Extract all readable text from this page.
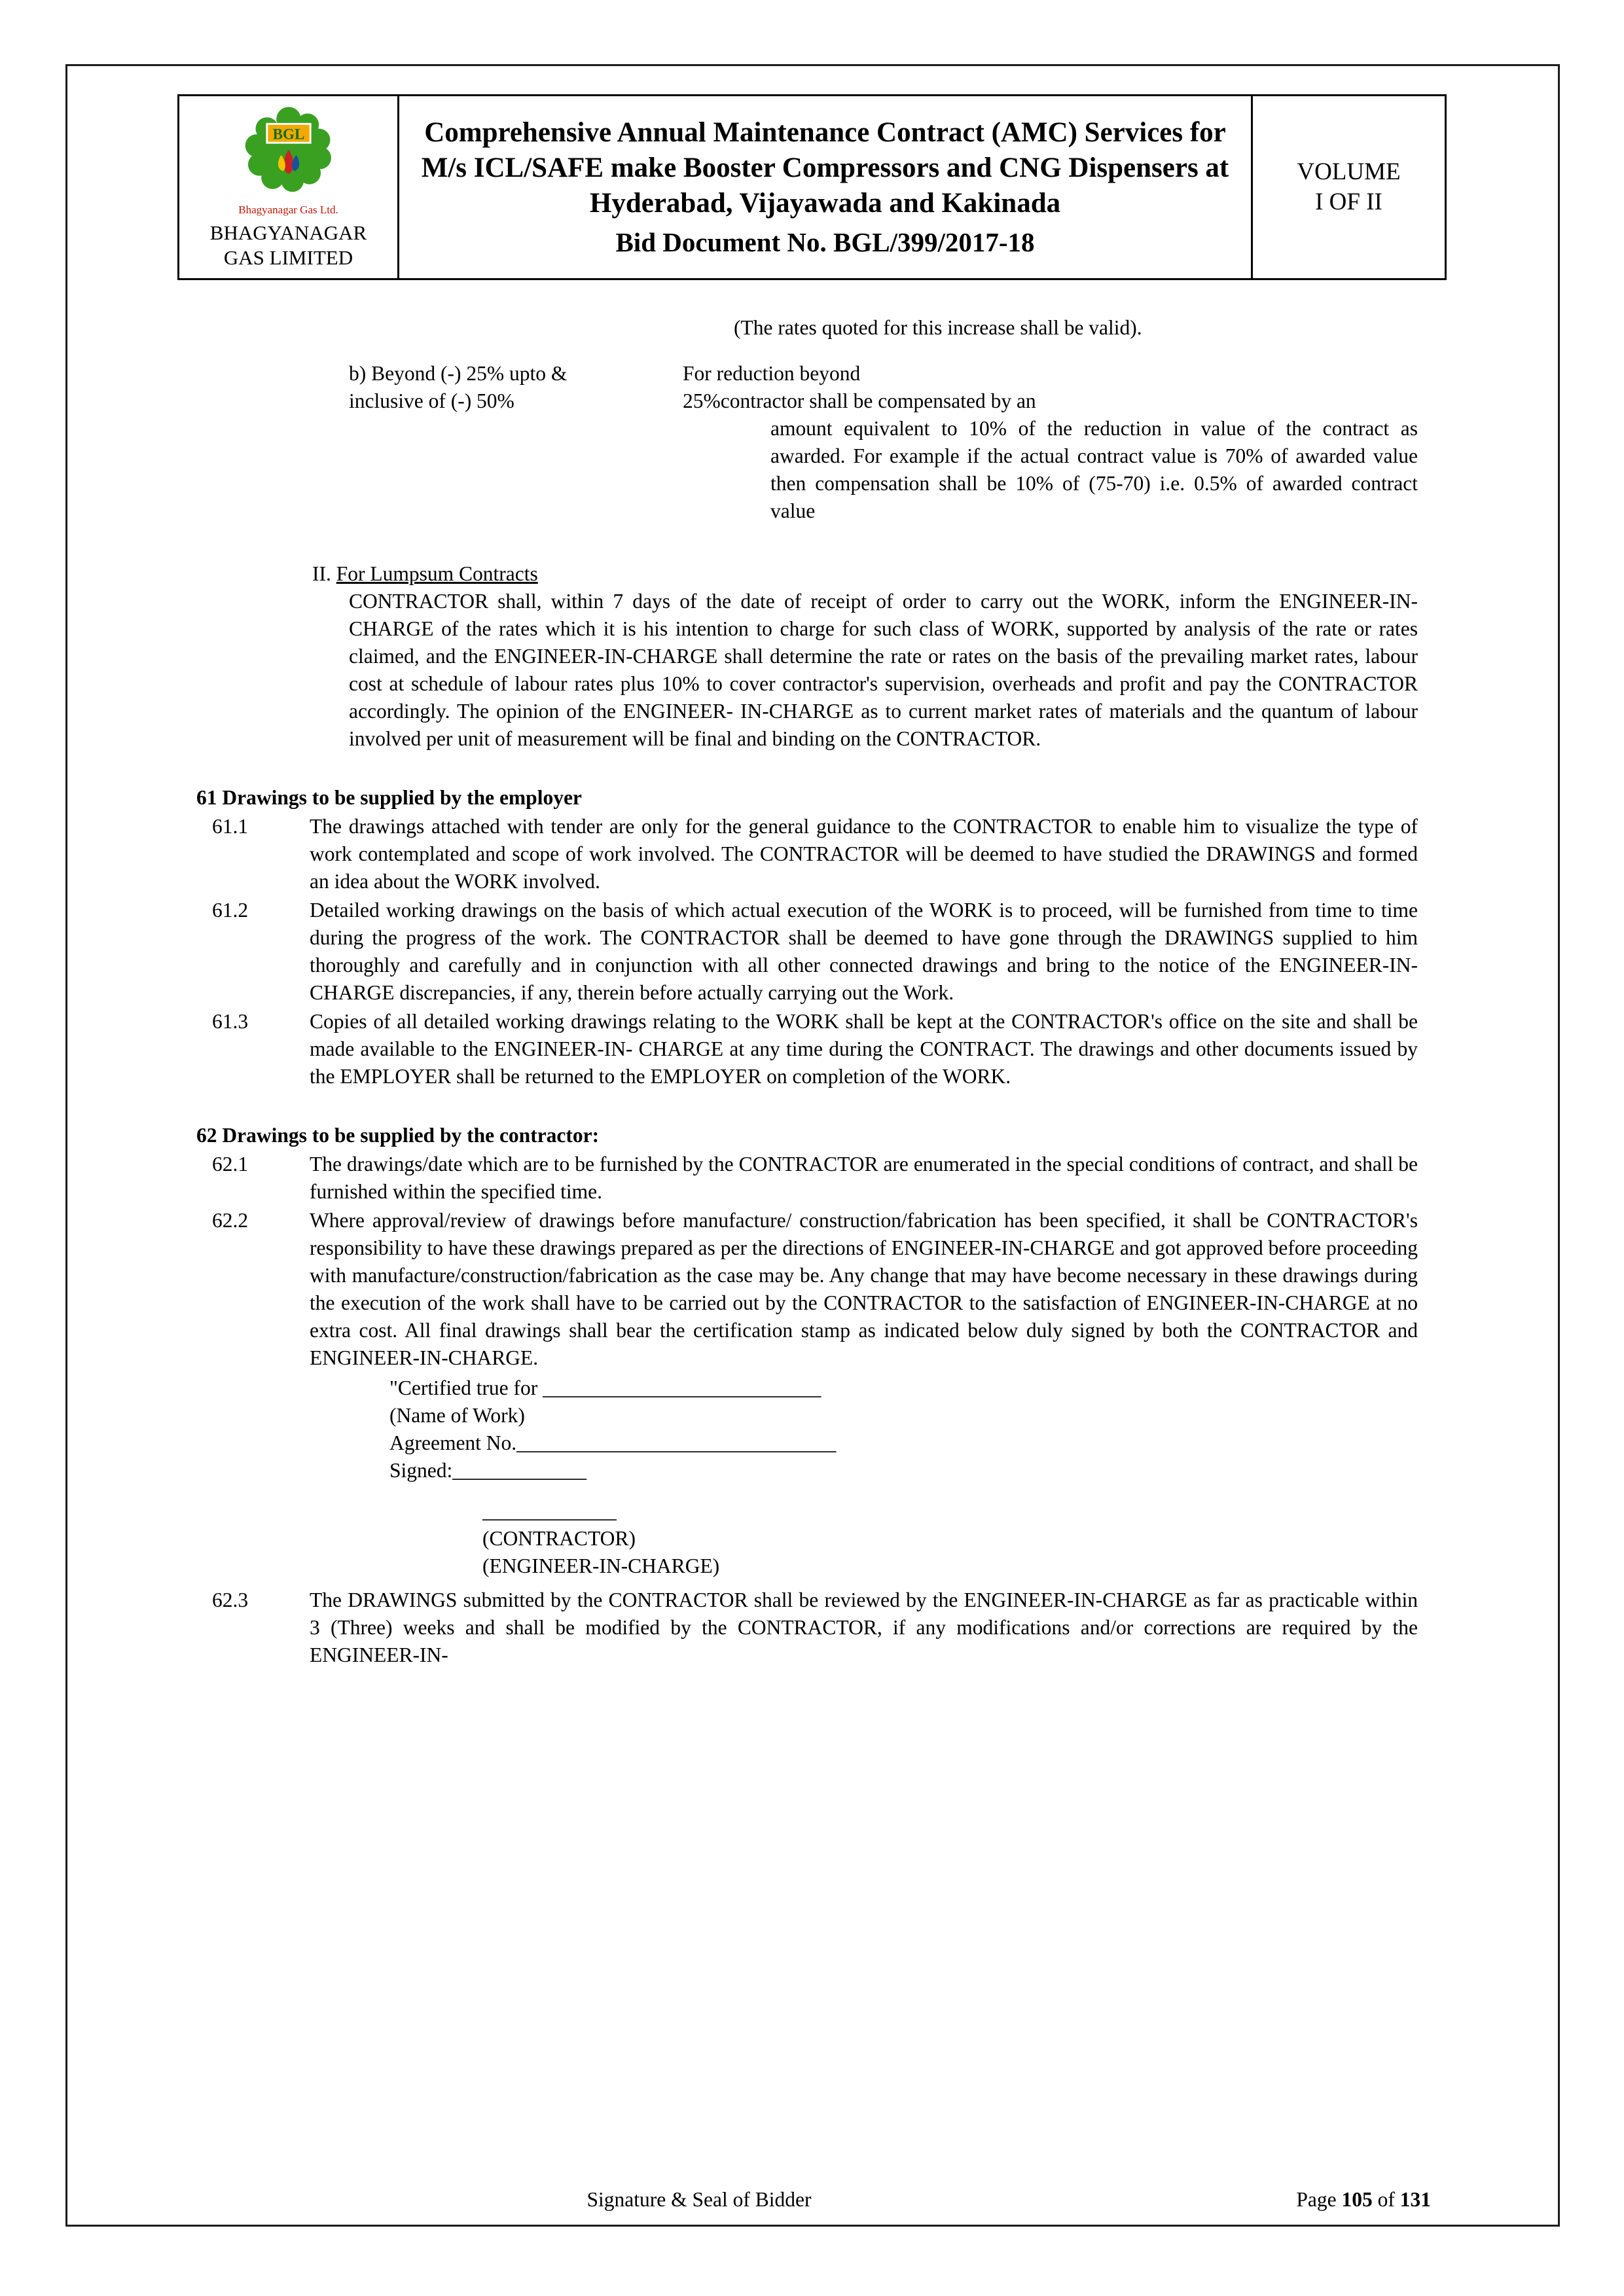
BGL
Bhagyanagar Gas Ltd.
BHAGYANAGAR
GAS LIMITED
Comprehensive Annual Maintenance Contract (AMC) Services for M/s ICL/SAFE make Booster Compressors and CNG Dispensers at Hyderabad, Vijayawada and Kakinada
Bid Document No. BGL/399/2017-18
VOLUME
I OF II
(The rates quoted for this increase shall be valid).
b) Beyond (-) 25% upto &
inclusive of (-) 50%
For reduction beyond
25%contractor shall be compensated by an
amount equivalent to 10% of the reduction in value of the contract as awarded. For example if the actual contract value is 70% of awarded value then compensation shall be 10% of (75-70) i.e. 0.5% of awarded contract value
II. For Lumpsum Contracts
CONTRACTOR shall, within 7 days of the date of receipt of order to carry out the WORK, inform the ENGINEER-IN- CHARGE of the rates which it is his intention to charge for such class of WORK, supported by analysis of the rate or rates claimed, and the ENGINEER-IN-CHARGE shall determine the rate or rates on the basis of the prevailing market rates, labour cost at schedule of labour rates plus 10% to cover contractor's supervision, overheads and profit and pay the CONTRACTOR accordingly. The opinion of the ENGINEER- IN-CHARGE as to current market rates of materials and the quantum of labour involved per unit of measurement will be final and binding on the CONTRACTOR.
61 Drawings to be supplied by the employer
61.1	The drawings attached with tender are only for the general guidance to the CONTRACTOR to enable him to visualize the type of work contemplated and scope of work involved. The CONTRACTOR will be deemed to have studied the DRAWINGS and formed an idea about the WORK involved.
61.2	Detailed working drawings on the basis of which actual execution of the WORK is to proceed, will be furnished from time to time during the progress of the work. The CONTRACTOR shall be deemed to have gone through the DRAWINGS supplied to him thoroughly and carefully and in conjunction with all other connected drawings and bring to the notice of the ENGINEER-IN-CHARGE discrepancies, if any, therein before actually carrying out the Work.
61.3	Copies of all detailed working drawings relating to the WORK shall be kept at the CONTRACTOR's office on the site and shall be made available to the ENGINEER-IN- CHARGE at any time during the CONTRACT. The drawings and other documents issued by the EMPLOYER shall be returned to the EMPLOYER on completion of the WORK.
62 Drawings to be supplied by the contractor:
62.1	The drawings/date which are to be furnished by the CONTRACTOR are enumerated in the special conditions of contract, and shall be furnished within the specified time.
62.2	Where approval/review of drawings before manufacture/ construction/fabrication has been specified, it shall be CONTRACTOR's responsibility to have these drawings prepared as per the directions of ENGINEER-IN-CHARGE and got approved before proceeding with manufacture/construction/fabrication as the case may be. Any change that may have become necessary in these drawings during the execution of the work shall have to be carried out by the CONTRACTOR to the satisfaction of ENGINEER-IN-CHARGE at no extra cost. All final drawings shall bear the certification stamp as indicated below duly signed by both the CONTRACTOR and ENGINEER-IN-CHARGE.
"Certified true for ___________________________
(Name of Work)
Agreement No._______________________________
Signed:_____________
_____________
(CONTRACTOR)
(ENGINEER-IN-CHARGE)
62.3	The DRAWINGS submitted by the CONTRACTOR shall be reviewed by the ENGINEER-IN-CHARGE as far as practicable within 3 (Three) weeks and shall be modified by the CONTRACTOR, if any modifications and/or corrections are required by the ENGINEER-IN-
Signature & Seal of Bidder	Page 105 of 131
